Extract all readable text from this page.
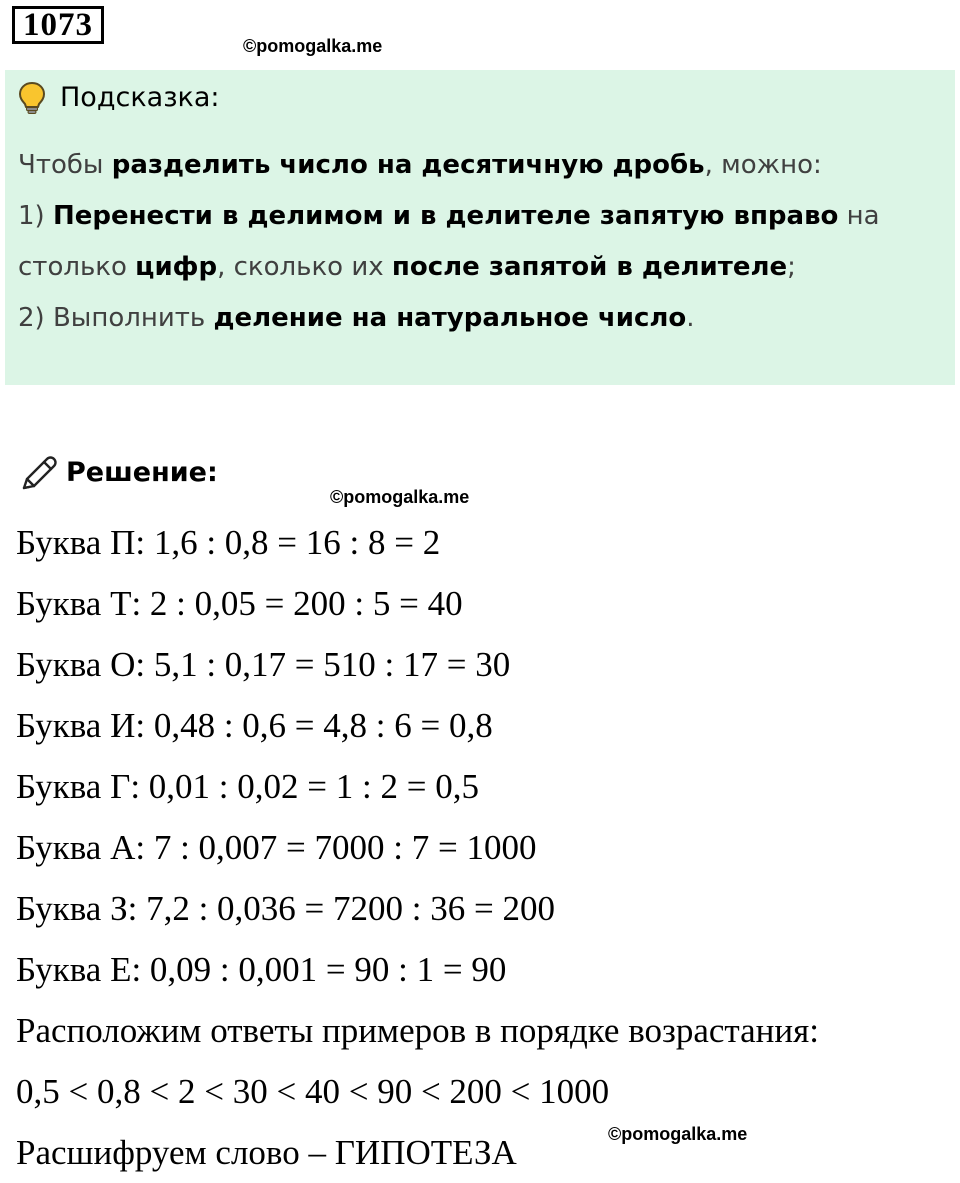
1073
©pomogalka.me
Подсказка:
Чтобы разделить число на десятичную дробь, можно:
1) Перенести в делимом и в делителе запятую вправо на
столько цифр, сколько их после запятой в делителе;
2) Выполнить деление на натуральное число.
Решение:
©pomogalka.me
Буква П: 1,6 : 0,8 = 16 : 8 = 2
Буква Т: 2 : 0,05 = 200 : 5 = 40
Буква О: 5,1 : 0,17 = 510 : 17 = 30
Буква И: 0,48 : 0,6 = 4,8 : 6 = 0,8
Буква Г: 0,01 : 0,02 = 1 : 2 = 0,5
Буква А: 7 : 0,007 = 7000 : 7 = 1000
Буква З: 7,2 : 0,036 = 7200 : 36 = 200
Буква Е: 0,09 : 0,001 = 90 : 1 = 90
Расположим ответы примеров в порядке возрастания:
0,5 < 0,8 < 2 < 30 < 40 < 90 < 200 < 1000
Расшифруем слово – ГИПОТЕЗА	©pomogalka.me
